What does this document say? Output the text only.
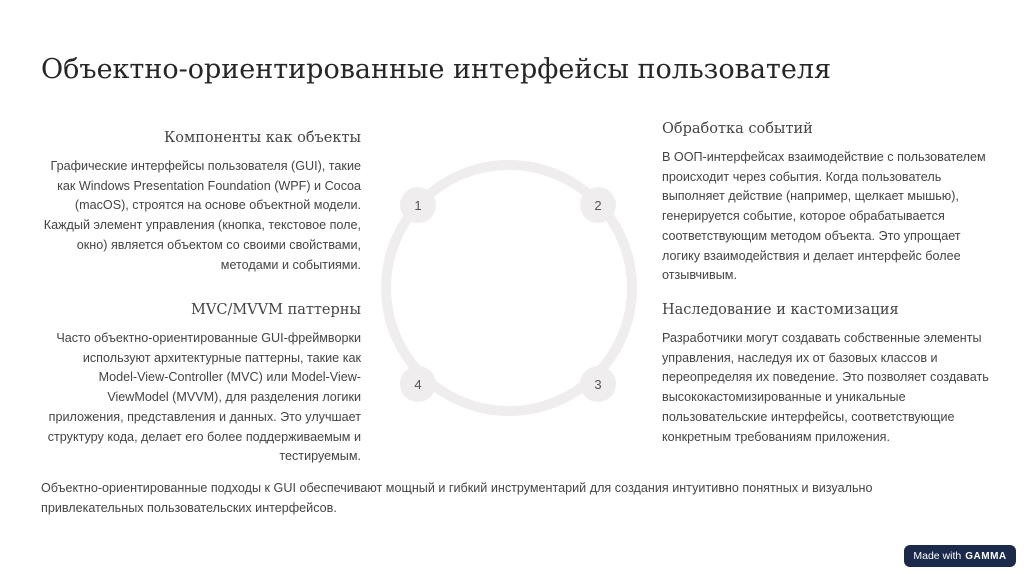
Объектно-ориентированные интерфейсы пользователя
Компоненты как объекты
Графические интерфейсы пользователя (GUI), такие как Windows Presentation Foundation (WPF) и Cocoa (macOS), строятся на основе объектной модели. Каждый элемент управления (кнопка, текстовое поле, окно) является объектом со своими свойствами, методами и событиями.
Обработка событий
В ООП-интерфейсах взаимодействие с пользователем происходит через события. Когда пользователь выполняет действие (например, щелкает мышью), генерируется событие, которое обрабатывается соответствующим методом объекта. Это упрощает логику взаимодействия и делает интерфейс более отзывчивым.
MVC/MVVM паттерны
Часто объектно-ориентированные GUI-фреймворки используют архитектурные паттерны, такие как Model-View-Controller (MVC) или Model-View-ViewModel (MVVM), для разделения логики приложения, представления и данных. Это улучшает структуру кода, делает его более поддерживаемым и тестируемым.
Наследование и кастомизация
Разработчики могут создавать собственные элементы управления, наследуя их от базовых классов и переопределяя их поведение. Это позволяет создавать высококастомизированные и уникальные пользовательские интерфейсы, соответствующие конкретным требованиям приложения.
1	2
3
4
Объектно-ориентированные подходы к GUI обеспечивают мощный и гибкий инструментарий для создания интуитивно понятных и визуально привлекательных пользовательских интерфейсов.
Made with GAMMA
